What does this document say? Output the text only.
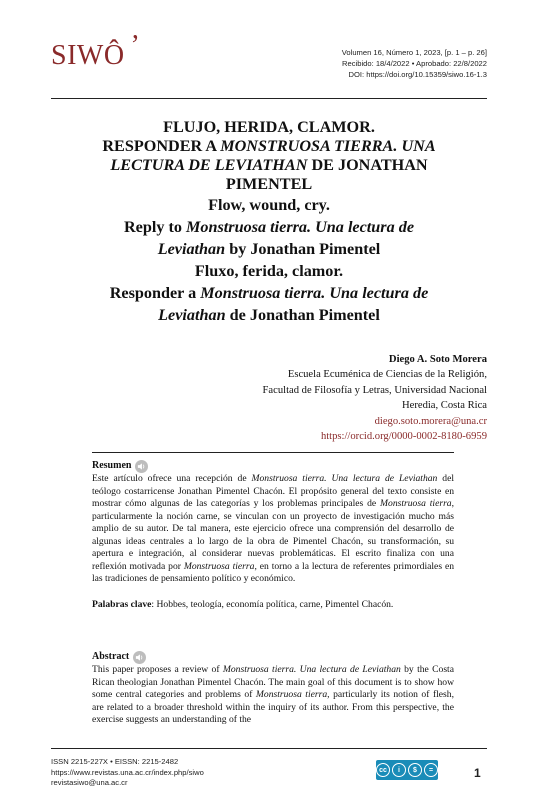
SIWÔ ’	Volumen 16, Número 1, 2023, [p. 1 – p. 26]
Recibido: 18/4/2022 • Aprobado: 22/8/2022
DOI: https://doi.org/10.15359/siwo.16-1.3
FLUJO, HERIDA, CLAMOR.
RESPONDER A MONSTRUOSA TIERRA. UNA
LECTURA DE LEVIATHAN DE JONATHAN
PIMENTEL
Flow, wound, cry.
Reply to Monstruosa tierra. Una lectura de
Leviathan by Jonathan Pimentel
Fluxo, ferida, clamor.
Responder a Monstruosa tierra. Una lectura de
Leviathan de Jonathan Pimentel
Diego A. Soto Morera
Escuela Ecuménica de Ciencias de la Religión,
Facultad de Filosofía y Letras, Universidad Nacional
Heredia, Costa Rica
diego.soto.morera@una.cr
https://orcid.org/0000-0002-8180-6959
Resumen
Este artículo ofrece una recepción de Monstruosa tierra. Una lectura de Leviathan del teólogo costarricense Jonathan Pimentel Chacón. El propósito general del texto consiste en mostrar cómo algunas de las categorías y los problemas principales de Monstruosa tierra, particularmente la noción carne, se vinculan con un proyecto de investigación mucho más amplio de su autor. De tal manera, este ejercicio ofrece una comprensión del desarrollo de algunas ideas centrales a lo largo de la obra de Pimentel Chacón, su transformación, su apertura e integración, al considerar nuevas problemáticas. El escrito finaliza con una reflexión motivada por Monstruosa tierra, en torno a la lectura de referentes primordiales en las tradiciones de pensamiento político y económico.
Palabras clave: Hobbes, teología, economía política, carne, Pimentel Chacón.
Abstract
This paper proposes a review of Monstruosa tierra. Una lectura de Leviathan by the Costa Rican theologian Jonathan Pimentel Chacón. The main goal of this document is to show how some central categories and problems of Monstruosa tierra, particularly its notion of flesh, are related to a broader threshold within the inquiry of its author. From this perspective, the exercise suggests an understanding of the
ISSN 2215-227X • EISSN: 2215-2482
https://www.revistas.una.ac.cr/index.php/siwo
revistasiwo@una.ac.cr
cc	i	$	=	1
